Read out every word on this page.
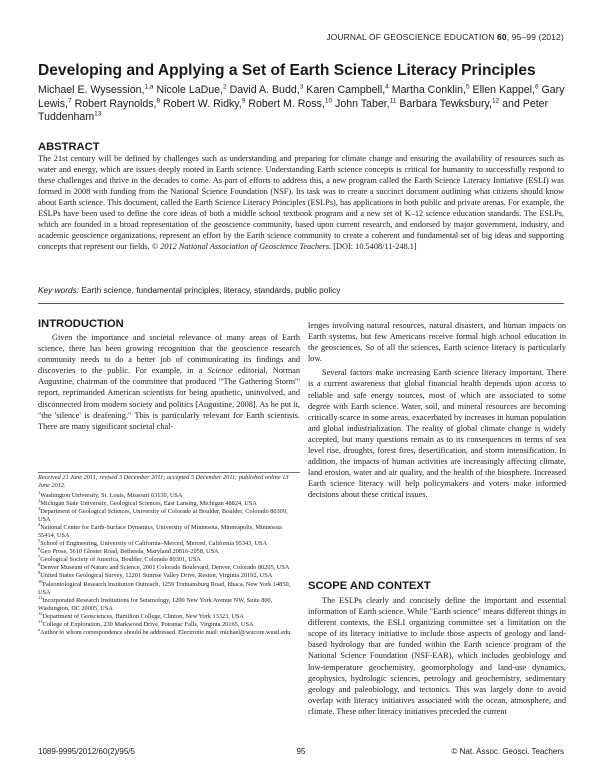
JOURNAL OF GEOSCIENCE EDUCATION 60, 95–99 (2012)
Developing and Applying a Set of Earth Science Literacy Principles
Michael E. Wysession,$^{1,a}$ Nicole LaDue,$^2$ David A. Budd,$^3$ Karen Campbell,$^4$ Martha Conklin,$^5$ Ellen Kappel,$^6$ Gary Lewis,$^7$ Robert Raynolds,$^8$ Robert W. Ridky,$^9$ Robert M. Ross,$^{10}$ John Taber,$^{11}$ Barbara Tewksbury,$^{12}$ and Peter Tuddenham$^{13}$
ABSTRACT

The 21st century will be defined by challenges such as understanding and preparing for climate change and ensuring the availability of resources such as water and energy, which are issues deeply rooted in Earth science. Understanding Earth science concepts is critical for humanity to successfully respond to these challenges and thrive in the decades to come. As part of efforts to address this, a new program called the Earth Science Literacy Initiative (ESLI) was formed in 2008 with funding from the National Science Foundation (NSF). Its task was to create a succinct document outlining what citizens should know about Earth science. This document, called the Earth Science Literacy Principles (ESLPs), has applications in both public and private arenas. For example, the ESLPs have been used to define the core ideas of both a middle school textbook program and a new set of K–12 science education standards. The ESLPs, which are founded in a broad representation of the geoscience community, based upon current research, and endorsed by major government, industry, and academic geoscience organizations, represent an effort by the Earth science community to create a coherent and fundamental set of big ideas and supporting concepts that represent our fields. © 2012 National Association of Geoscience Teachers. [DOI: 10.5408/11-248.1]

Key words: Earth science, fundamental principles, literacy, standards, public policy
INTRODUCTION

Given the importance and societal relevance of many areas of Earth science, there has been growing recognition that the geoscience research community needs to do a better job of communicating its findings and discoveries to the public. For example, in a Science editorial, Norman Augustine, chairman of the committee that produced "'The Gathering Storm'" report, reprimanded American scientists for being apathetic, uninvolved, and disconnected from modern society and politics [Augustine, 2008]. As he put it, "the 'silence' is deafening." This is particularly relevant for Earth scientists. There are many significant societal chal-

Received 21 June 2011; revised 3 December 2011; accepted 5 December 2011; published online 13 June 2012.
$^1$Washington University, St. Louis, Missouri 63130, USA
$^2$Michigan State University, Geological Sciences, East Lansing, Michigan 48824, USA
$^3$Department of Geological Sciences, University of Colorado at Boulder, Boulder, Colorado 80309, USA
$^4$National Center for Earth-Surface Dynamics, University of Minnesota, Minneapolis, Minnesota 55414, USA
$^5$School of Engineering, University of California–Merced, Merced, California 95343, USA
$^6$Geo Prose, 5610 Gloster Road, Bethesda, Maryland 20816-2058, USA
$^7$Geological Society of America, Boulder, Colorado 80301, USA
$^8$Denver Museum of Nature and Science, 2001 Colorado Boulevard, Denver, Colorado 80205, USA
$^9$United States Geological Survey, 12201 Sunrise Valley Drive, Reston, Virginia 20192, USA
$^{10}$Paleontological Research Institution Outreach, 1259 Trumansburg Road, Ithaca, New York 14850, USA
$^{11}$Incorporated Research Institutions for Seismology, 1200 New York Avenue NW, Suite 800, Washington, DC 20005, USA
$^{12}$Department of Geosciences, Hamilton College, Clinton, New York 13323, USA
$^{13}$College of Exploration, 230 Markwood Drive, Potomac Falls, Virginia 20165, USA
$^a$Author to whom correspondence should be addressed. Electronic mail: michael@wucore.wustl.edu.

lenges involving natural resources, natural disasters, and human impacts on Earth systems, but few Americans receive formal high school education in the geosciences. So of all the sciences, Earth science literacy is particularly low.

Several factors make increasing Earth science literacy important. There is a current awareness that global financial health depends upon access to reliable and safe energy sources, most of which are associated to some degree with Earth science. Water, soil, and mineral resources are becoming critically scarce in some areas, exacerbated by increases in human population and global industrialization. The reality of global climate change is widely accepted, but many questions remain as to its consequences in terms of sea level rise, droughts, forest fires, desertification, and storm intensification. In addition, the impacts of human activities are increasingly affecting climate, land erosion, water and air quality, and the health of the biosphere. Increased Earth science literacy will help policymakers and voters make informed decisions about these critical issues.

SCOPE AND CONTEXT

The ESLPs clearly and concisely define the important and essential information of Earth science. While "Earth science" means different things in different contexts, the ESLI organizing committee set a limitation on the scope of its literacy initiative to include those aspects of geology and land-based hydrology that are funded within the Earth science program of the National Science Foundation (NSF-EAR), which includes geobiology and low-temperature geochemistry, geomorphology and land-use dynamics, geophysics, hydrologic sciences, petrology and geochemistry, sedimentary geology and paleobiology, and tectonics. This was largely done to avoid overlap with literacy initiatives associated with the ocean, atmosphere, and climate. These other literacy initiatives preceded the current

1089-9995/2012/60(2)/95/5	95	© Nat. Assoc. Geosci. Teachers
